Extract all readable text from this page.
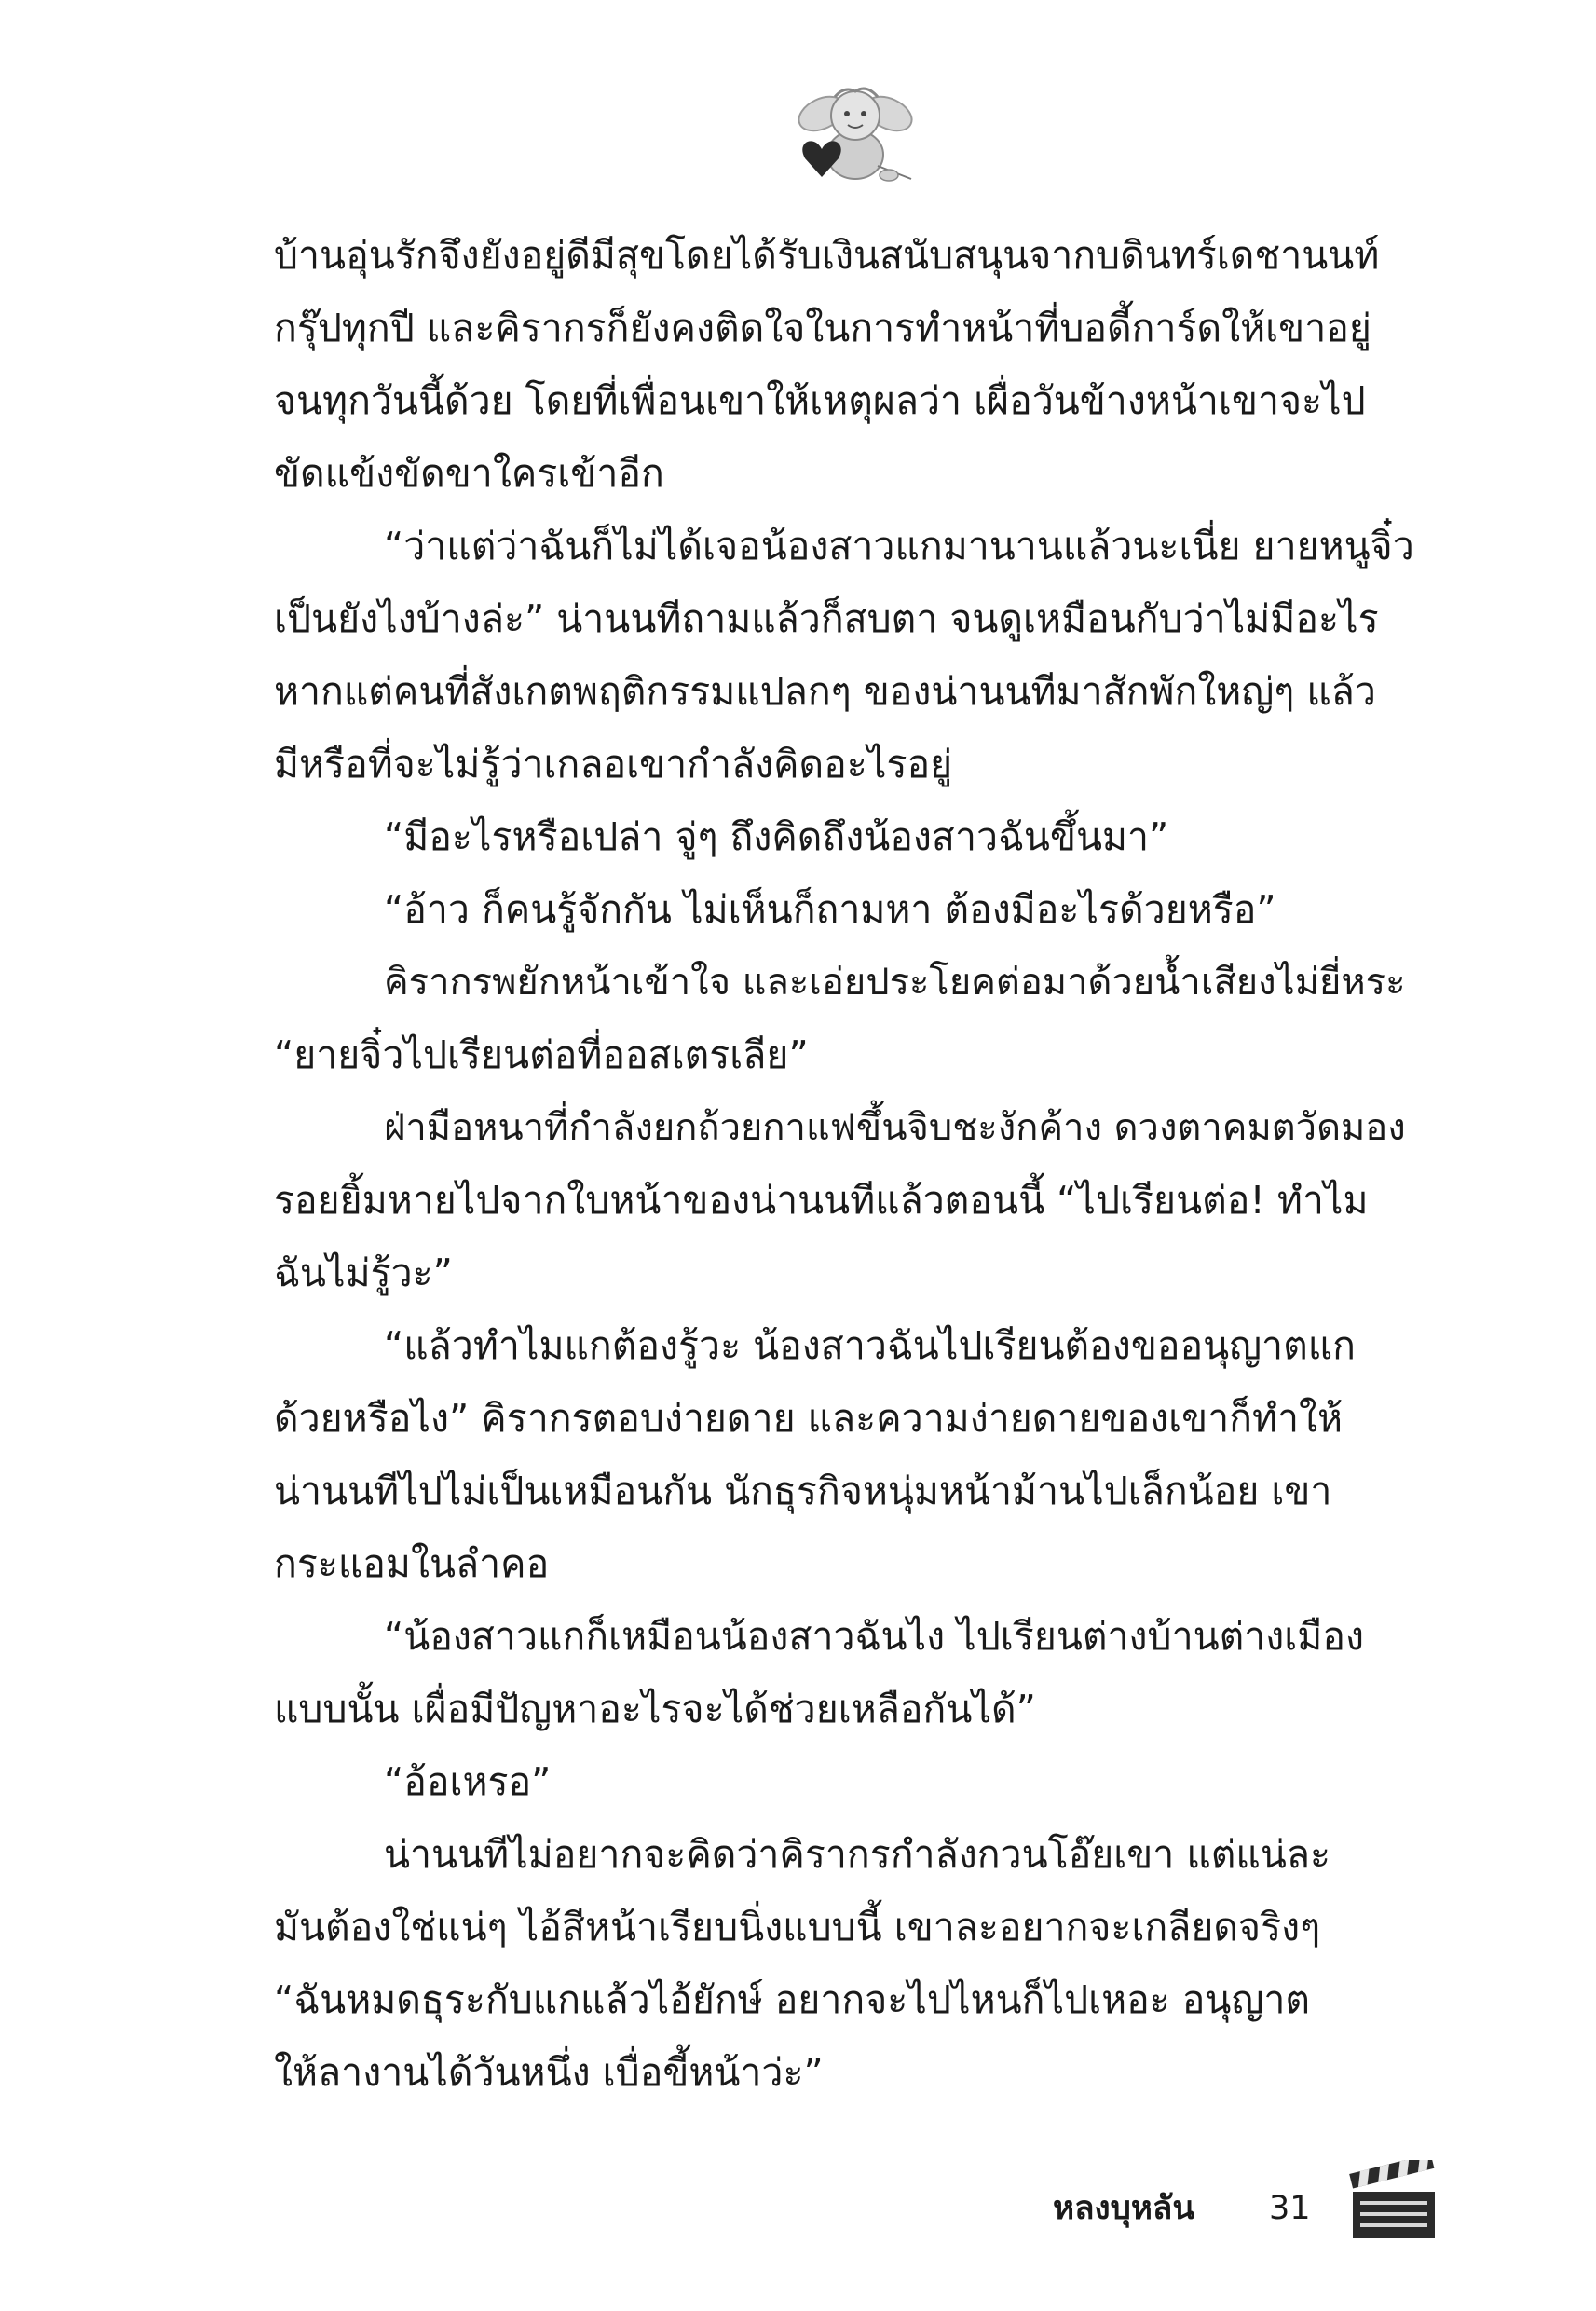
บ้านอุ่นรักจึงยังอยู่ดีมีสุขโดยได้รับเงินสนับสนุนจากบดินทร์เดชานนท์
กรุ๊ปทุกปี และคิรากรก็ยังคงติดใจในการทำหน้าที่บอดี้การ์ดให้เขาอยู่
จนทุกวันนี้ด้วย โดยที่เพื่อนเขาให้เหตุผลว่า เผื่อวันข้างหน้าเขาจะไป
ขัดแข้งขัดขาใครเข้าอีก
“ว่าแต่ว่าฉันก็ไม่ได้เจอน้องสาวแกมานานแล้วนะเนี่ย ยายหนูจิ๋ว
เป็นยังไงบ้างล่ะ” น่านนทีถามแล้วก็สบตา จนดูเหมือนกับว่าไม่มีอะไร
หากแต่คนที่สังเกตพฤติกรรมแปลกๆ ของน่านนทีมาสักพักใหญ่ๆ แล้ว
มีหรือที่จะไม่รู้ว่าเกลอเขากำลังคิดอะไรอยู่
“มีอะไรหรือเปล่า จู่ๆ ถึงคิดถึงน้องสาวฉันขึ้นมา”
“อ้าว ก็คนรู้จักกัน ไม่เห็นก็ถามหา ต้องมีอะไรด้วยหรือ”
คิรากรพยักหน้าเข้าใจ และเอ่ยประโยคต่อมาด้วยน้ำเสียงไม่ยี่หระ
“ยายจิ๋วไปเรียนต่อที่ออสเตรเลีย”
ฝ่ามือหนาที่กำลังยกถ้วยกาแฟขึ้นจิบชะงักค้าง ดวงตาคมตวัดมอง
รอยยิ้มหายไปจากใบหน้าของน่านนทีแล้วตอนนี้ “ไปเรียนต่อ! ทำไม
ฉันไม่รู้วะ”
“แล้วทำไมแกต้องรู้วะ น้องสาวฉันไปเรียนต้องขออนุญาตแก
ด้วยหรือไง” คิรากรตอบง่ายดาย และความง่ายดายของเขาก็ทำให้
น่านนทีไปไม่เป็นเหมือนกัน นักธุรกิจหนุ่มหน้าม้านไปเล็กน้อย เขา
กระแอมในลำคอ
“น้องสาวแกก็เหมือนน้องสาวฉันไง ไปเรียนต่างบ้านต่างเมือง
แบบนั้น เผื่อมีปัญหาอะไรจะได้ช่วยเหลือกันได้”
“อ้อเหรอ”
น่านนทีไม่อยากจะคิดว่าคิรากรกำลังกวนโอ๊ยเขา แต่แน่ละ
มันต้องใช่แน่ๆ ไอ้สีหน้าเรียบนิ่งแบบนี้ เขาละอยากจะเกลียดจริงๆ
“ฉันหมดธุระกับแกแล้วไอ้ยักษ์ อยากจะไปไหนก็ไปเหอะ อนุญาต
ให้ลางานได้วันหนึ่ง เบื่อขี้หน้าว่ะ”
หลงบุหลัน 31
